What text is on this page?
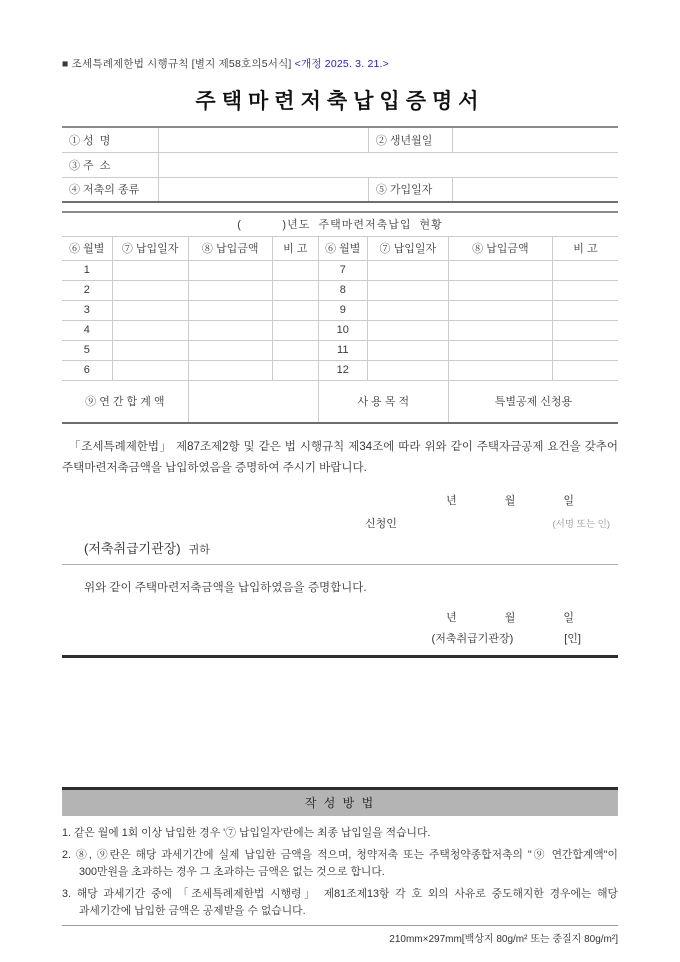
■ 조세특례제한법 시행규칙 [별지 제58호의5서식] <개정 2025. 3. 21.>
주택마련저축납입증명서
① 성  명		② 생년월일	
③ 주  소			
④ 저축의 종류		⑤ 가입일자	
(          )년도  주택마련저축납입  현황							
⑥ 월별	⑦ 납입일자	⑧ 납입금액	비 고	⑥ 월별	⑦ 납입일자	⑧ 납입금액	비 고
1				7			
2				8			
3				9			
4				10			
5				11			
6				12			
⑨ 연 간 합 계 액				사 용 목 적		특별공제 신청용	

「조세특례제한법」 제87조제2항 및 같은 법 시행규칙 제34조에 따라 위와 같이 주택자금공제 요건을 갖추어 주택마련저축금액을 납입하였음을 증명하여 주시기 바랍니다.

년	월	일
신청인	(서명 또는 인)
(저축취급기관장) 귀하
위와 같이 주택마련저축금액을 납입하였음을 증명합니다.
년	월	일
(저축취급기관장)	[인]
작 성 방 법
1. 같은 월에 1회 이상 납입한 경우 '⑦ 납입일자'란에는 최종 납입일을 적습니다.
2. ⑧, ⑨란은 해당 과세기간에 실제 납입한 금액을 적으며, 청약저축 또는 주택청약종합저축의 "⑨ 연간합계액"이 300만원을 초과하는 경우 그 초과하는 금액은 없는 것으로 합니다.
3. 해당 과세기간 중에 「조세특례제한법 시행령」 제81조제13항 각 호 외의 사유로 중도해지한 경우에는 해당 과세기간에 납입한 금액은 공제받을 수 없습니다.
210mm×297mm[백상지 80g/m² 또는 중질지 80g/m²]
